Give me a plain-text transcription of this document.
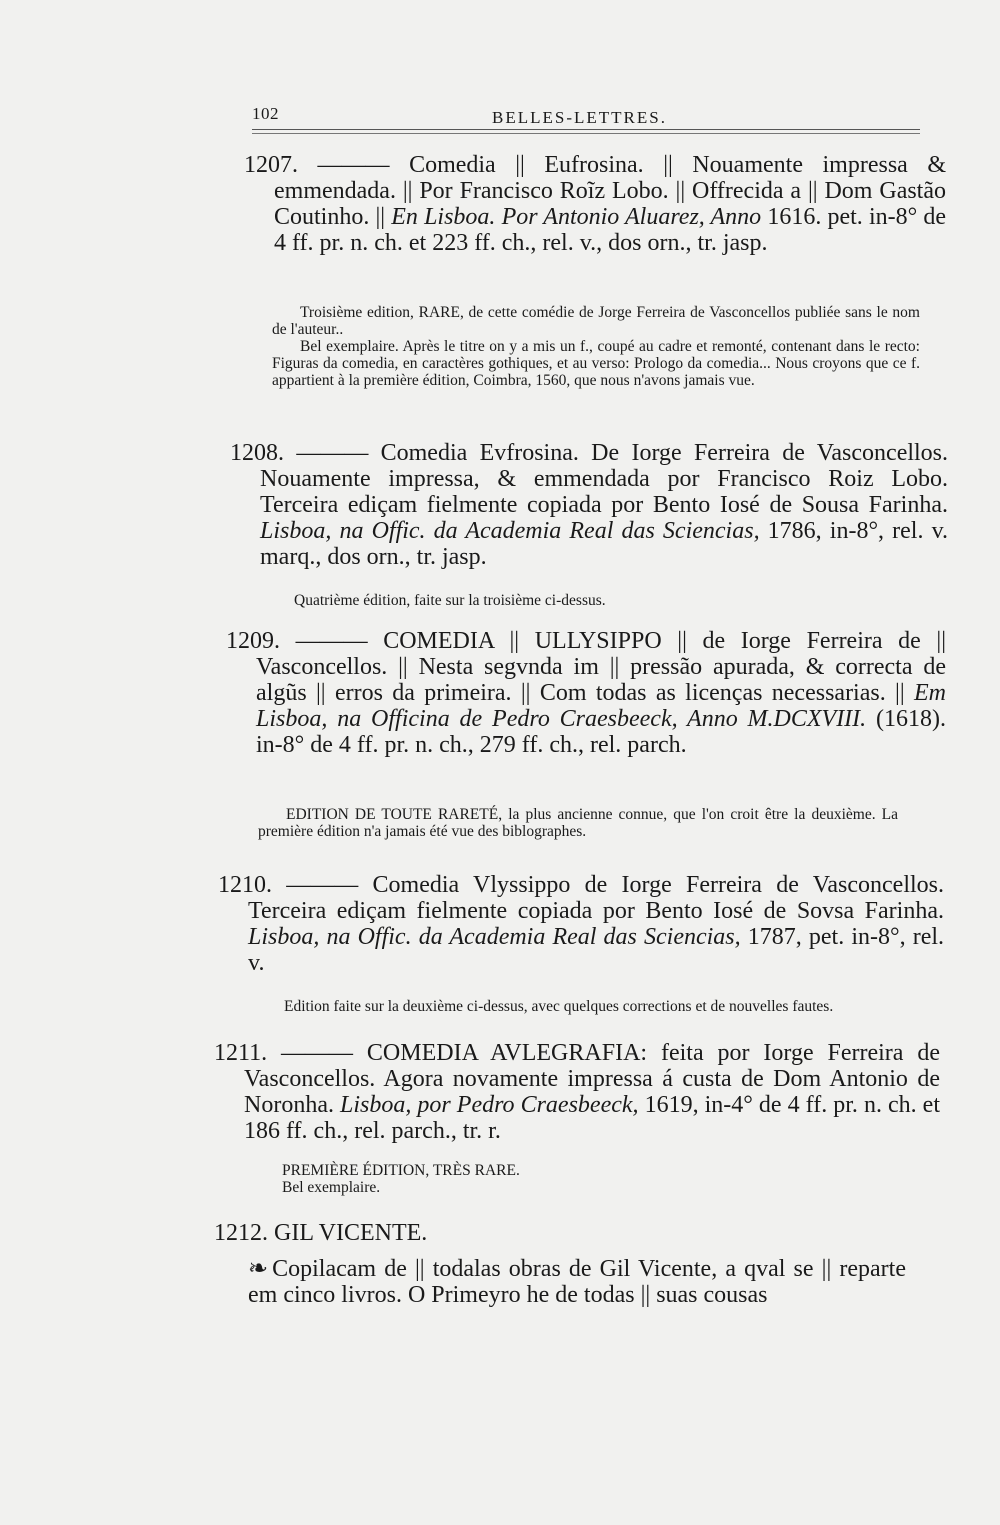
102	BELLES-LETTRES.
1207. ——— Comedia || Eufrosina. || Nouamente impressa & emmendada. || Por Francisco Roĩz Lobo. || Offrecida a || Dom Gastão Coutinho. || En Lisboa. Por Antonio Aluarez, Anno 1616. pet. in-8° de 4 ff. pr. n. ch. et 223 ff. ch., rel. v., dos orn., tr. jasp.
Troisième edition, RARE, de cette comédie de Jorge Ferreira de Vasconcellos publiée sans le nom de l'auteur..
Bel exemplaire. Après le titre on y a mis un f., coupé au cadre et remonté, contenant dans le recto: Figuras da comedia, en caractères gothiques, et au verso: Prologo da comedia... Nous croyons que ce f. appartient à la première édition, Coimbra, 1560, que nous n'avons jamais vue.
1208. ——— Comedia Evfrosina. De Iorge Ferreira de Vasconcellos. Nouamente impressa, & emmendada por Francisco Roiz Lobo. Terceira ediçam fielmente copiada por Bento Iosé de Sousa Farinha. Lisboa, na Offic. da Academia Real das Sciencias, 1786, in-8°, rel. v. marq., dos orn., tr. jasp.
Quatrième édition, faite sur la troisième ci-dessus.
1209. ——— COMEDIA || ULLYSIPPO || de Iorge Ferreira de || Vasconcellos. || Nesta segvnda im || pressão apurada, & correcta de algũs || erros da primeira. || Com todas as licenças necessarias. || Em Lisboa, na Officina de Pedro Craesbeeck, Anno M.DCXVIII. (1618). in-8° de 4 ff. pr. n. ch., 279 ff. ch., rel. parch.
EDITION DE TOUTE RARETÉ, la plus ancienne connue, que l'on croit être la deuxième. La première édition n'a jamais été vue des biblographes.
1210. ——— Comedia Vlyssippo de Iorge Ferreira de Vasconcellos. Terceira ediçam fielmente copiada por Bento Iosé de Sovsa Farinha. Lisboa, na Offic. da Academia Real das Sciencias, 1787, pet. in-8°, rel. v.
Edition faite sur la deuxième ci-dessus, avec quelques corrections et de nouvelles fautes.
1211. ——— COMEDIA AVLEGRAFIA: feita por Iorge Ferreira de Vasconcellos. Agora novamente impressa á custa de Dom Antonio de Noronha. Lisboa, por Pedro Craesbeeck, 1619, in-4° de 4 ff. pr. n. ch. et 186 ff. ch., rel. parch., tr. r.
PREMIÈRE ÉDITION, TRÈS RARE.
Bel exemplaire.
1212. GIL VICENTE.
❧ Copilacam de || todalas obras de Gil Vicente, a qval se || reparte em cinco livros. O Primeyro he de todas || suas cousas
